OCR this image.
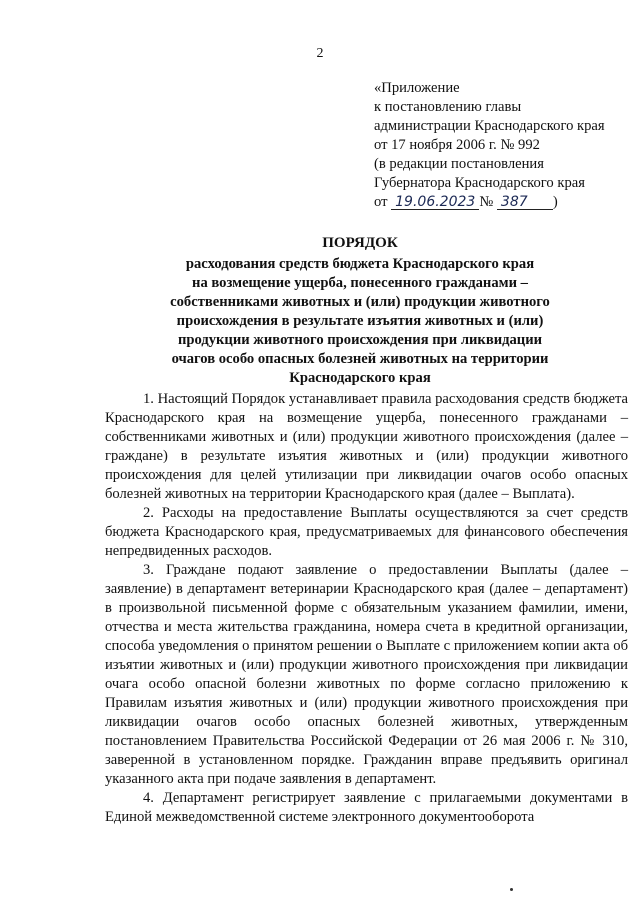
2
«Приложение
к постановлению главы
администрации Краснодарского края
от 17 ноября 2006 г. № 992
(в редакции постановления
Губернатора Краснодарского края
от 19.06.2023 № 387 )
ПОРЯДОК
расходования средств бюджета Краснодарского края
на возмещение ущерба, понесенного гражданами –
собственниками животных и (или) продукции животного
происхождения в результате изъятия животных и (или)
продукции животного происхождения при ликвидации
очагов особо опасных болезней животных на территории
Краснодарского края

1. Настоящий Порядок устанавливает правила расходования средств бюджета Краснодарского края на возмещение ущерба, понесенного гражданами – собственниками животных и (или) продукции животного происхождения (далее – граждане) в результате изъятия животных и (или) продукции животного происхождения для целей утилизации при ликвидации очагов особо опасных болезней животных на территории Краснодарского края (далее – Выплата).

2. Расходы на предоставление Выплаты осуществляются за счет средств бюджета Краснодарского края, предусматриваемых для финансового обеспечения непредвиденных расходов.

3. Граждане подают заявление о предоставлении Выплаты (далее – заявление) в департамент ветеринарии Краснодарского края (далее – департамент) в произвольной письменной форме с обязательным указанием фамилии, имени, отчества и места жительства гражданина, номера счета в кредитной организации, способа уведомления о принятом решении о Выплате с приложением копии акта об изъятии животных и (или) продукции животного происхождения при ликвидации очага особо опасной болезни животных по форме согласно приложению к Правилам изъятия животных и (или) продукции животного происхождения при ликвидации очагов особо опасных болезней животных, утвержденным постановлением Правительства Российской Федерации от 26 мая 2006 г. № 310, заверенной в установленном порядке. Гражданин вправе предъявить оригинал указанного акта при подаче заявления в департамент.

4. Департамент регистрирует заявление с прилагаемыми документами в Единой межведомственной системе электронного документооборота
